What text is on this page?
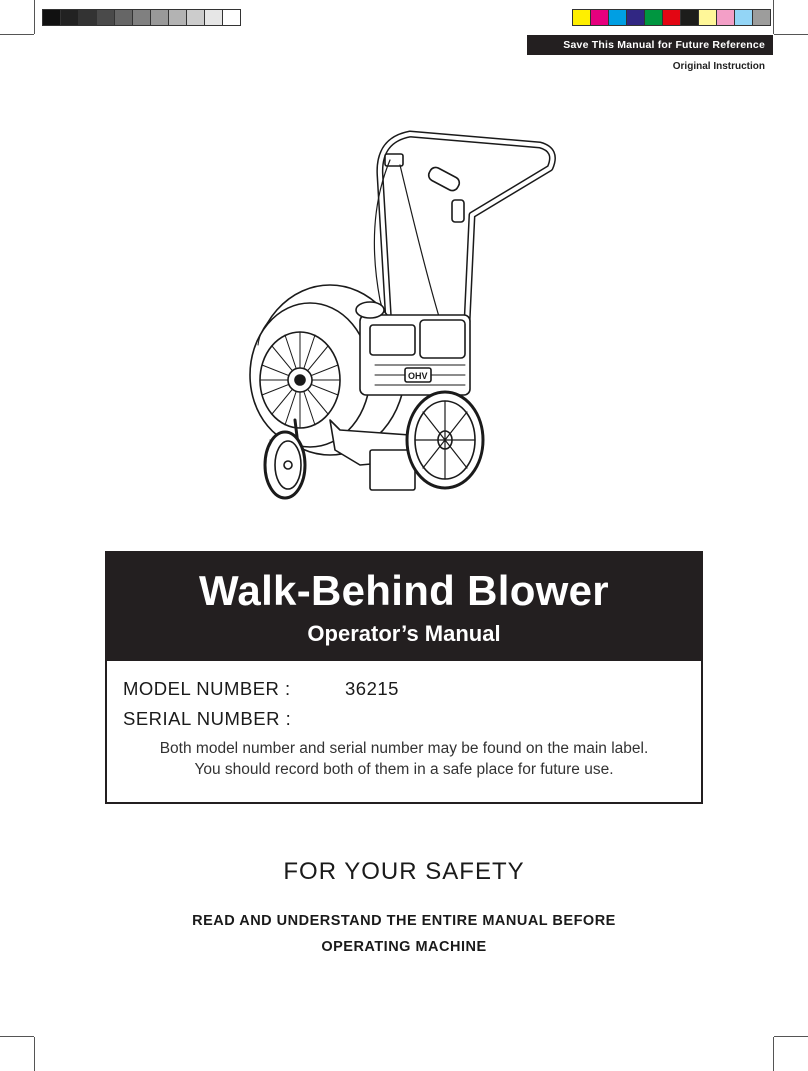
Save This Manual for Future Reference
Original Instruction
OHV
Walk-Behind Blower
Operator’s Manual
MODEL NUMBER :	36215
SERIAL NUMBER :
Both model number and serial number may be found on the main label.
You should record both of them in a safe place for future use.
FOR YOUR SAFETY
READ AND UNDERSTAND THE ENTIRE MANUAL BEFORE
OPERATING MACHINE
